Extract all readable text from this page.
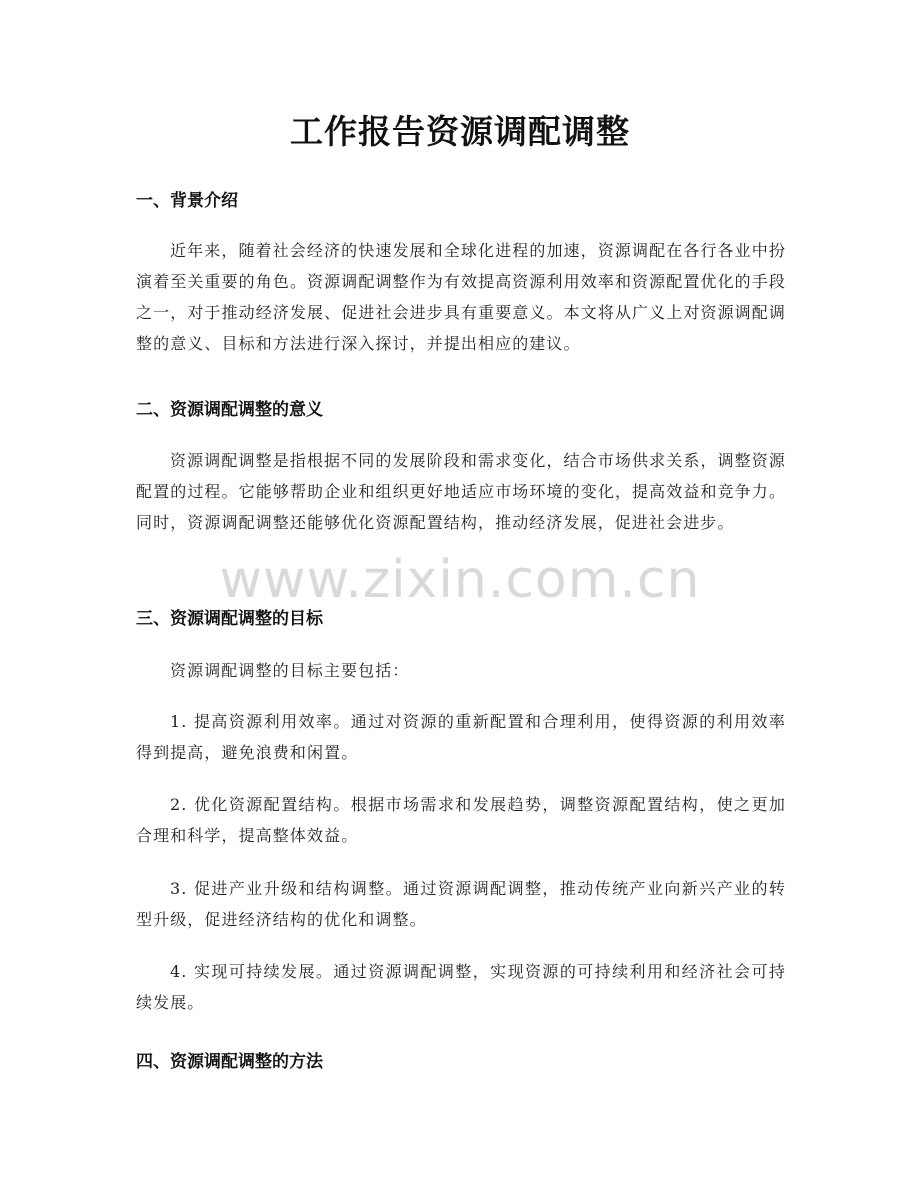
工作报告资源调配调整
一、背景介绍
近年来，随着社会经济的快速发展和全球化进程的加速，资源调配在各行各业中扮演着至关重要的角色。资源调配调整作为有效提高资源利用效率和资源配置优化的手段之一，对于推动经济发展、促进社会进步具有重要意义。本文将从广义上对资源调配调整的意义、目标和方法进行深入探讨，并提出相应的建议。
二、资源调配调整的意义
资源调配调整是指根据不同的发展阶段和需求变化，结合市场供求关系，调整资源配置的过程。它能够帮助企业和组织更好地适应市场环境的变化，提高效益和竞争力。同时，资源调配调整还能够优化资源配置结构，推动经济发展，促进社会进步。
www.zixin.com.cn
三、资源调配调整的目标
资源调配调整的目标主要包括：
1. 提高资源利用效率。通过对资源的重新配置和合理利用，使得资源的利用效率得到提高，避免浪费和闲置。
2. 优化资源配置结构。根据市场需求和发展趋势，调整资源配置结构，使之更加合理和科学，提高整体效益。
3. 促进产业升级和结构调整。通过资源调配调整，推动传统产业向新兴产业的转型升级，促进经济结构的优化和调整。
4. 实现可持续发展。通过资源调配调整，实现资源的可持续利用和经济社会可持续发展。
四、资源调配调整的方法
